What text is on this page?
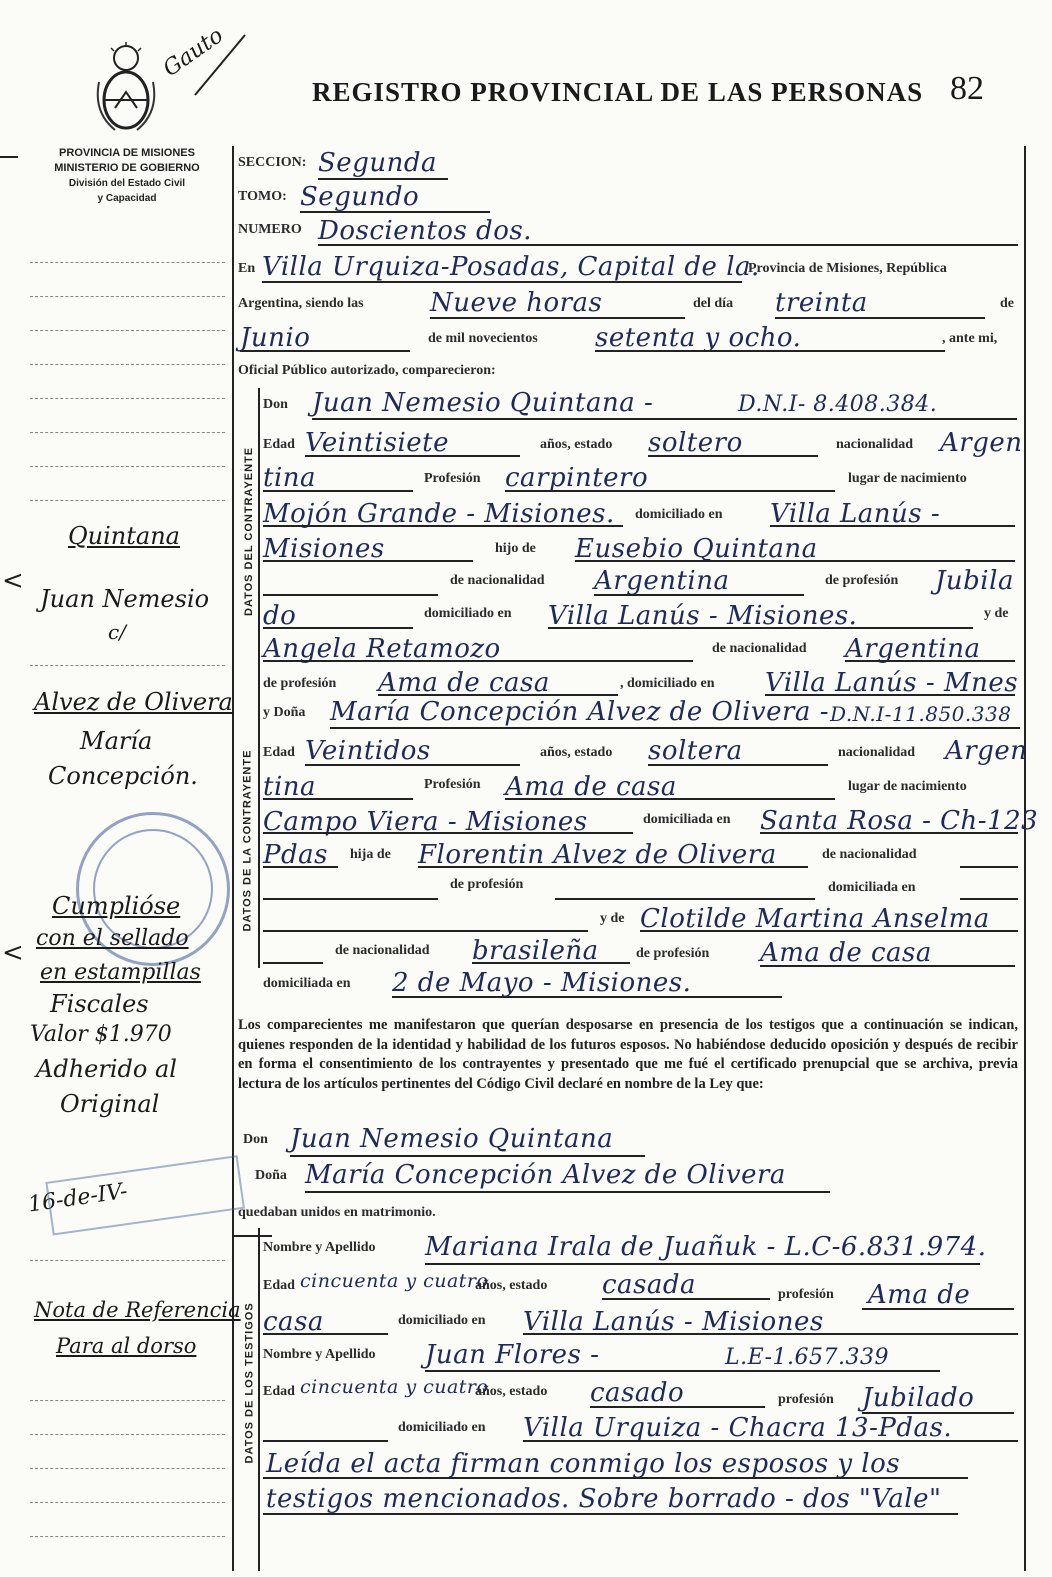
Gauto
REGISTRO PROVINCIAL DE LAS PERSONAS 82
PROVINCIA DE MISIONES
MINISTERIO DE GOBIERNO
División del Estado Civil
y Capacidad
DATOS DEL CONTRAYENTE
DATOS DE LA CONTRAYENTE
DATOS DE LOS TESTIGOS
SECCION: Segunda
TOMO: Segundo
NUMERO Doscientos dos.
En Villa Urquiza-Posadas, Capital de la.
Provincia de Misiones, República
Argentina, siendo las	Nueve horas	del día treinta	de
Junio	de mil novecientos setenta y ocho.	, ante mi,
Oficial Público autorizado, comparecieron:
Don Juan Nemesio Quintana -	D.N.I- 8.408.384.
Edad Veintisiete	años, estado soltero	nacionalidad Argen
tina	Profesión carpintero	lugar de nacimiento
Mojón Grande - Misiones. domiciliado en Villa Lanús -
Misiones	hijo de Eusebio Quintana
de nacionalidad Argentina	de profesión Jubila
do	domiciliado en Villa Lanús - Misiones.	y de
Angela Retamozo	de nacionalidad Argentina
de profesión Ama de casa	, domiciliado en Villa Lanús - Mnes
y Doña María Concepción Alvez de Olivera - D.N.I-11.850.338
Edad Veintidos	años, estado soltera	nacionalidad Argen
tina	Profesión Ama de casa	lugar de nacimiento
Campo Viera - Misiones	domiciliada en Santa Rosa - Ch-123
Pdas hija de Florentin Alvez de Olivera	de nacionalidad
de profesión	domiciliada en
y de Clotilde Martina Anselma
de nacionalidad brasileña	de profesión Ama de casa
domiciliada en 2 de Mayo - Misiones.
Los comparecientes me manifestaron que querían desposarse en presencia de los testigos que a continuación se indican, quienes responden de la identidad y habilidad de los futuros esposos. No habiéndose deducido oposición y después de recibir en forma el consentimiento de los contrayentes y presentado que me fué el certificado prenupcial que se archiva, previa lectura de los artículos pertinentes del Código Civil declaré en nombre de la Ley que:
Don Juan Nemesio Quintana
Doña María Concepción Alvez de Olivera
quedaban unidos en matrimonio.
Nombre y Apellido Mariana Irala de Juañuk - L.C-6.831.974.
Edad cincuenta y cuatro
años, estado casada	profesión Ama de
casa	domiciliado en Villa Lanús - Misiones
Nombre y Apellido Juan Flores -	L.E-1.657.339
Edad cincuenta y cuatro
años, estado casado	profesión Jubilado
domiciliado en Villa Urquiza - Chacra 13-Pdas.
Leída el acta firman conmigo los esposos y los
testigos mencionados. Sobre borrado - dos "Vale"
Quintana
Juan Nemesio
c/
<
Alvez de Olivera
María
Concepción.
Cumplióse
con el sellado
en estampillas
<
Fiscales
Valor $1.970
Adherido al
Original
16-de-IV-
Nota de Referencia
Para al dorso
